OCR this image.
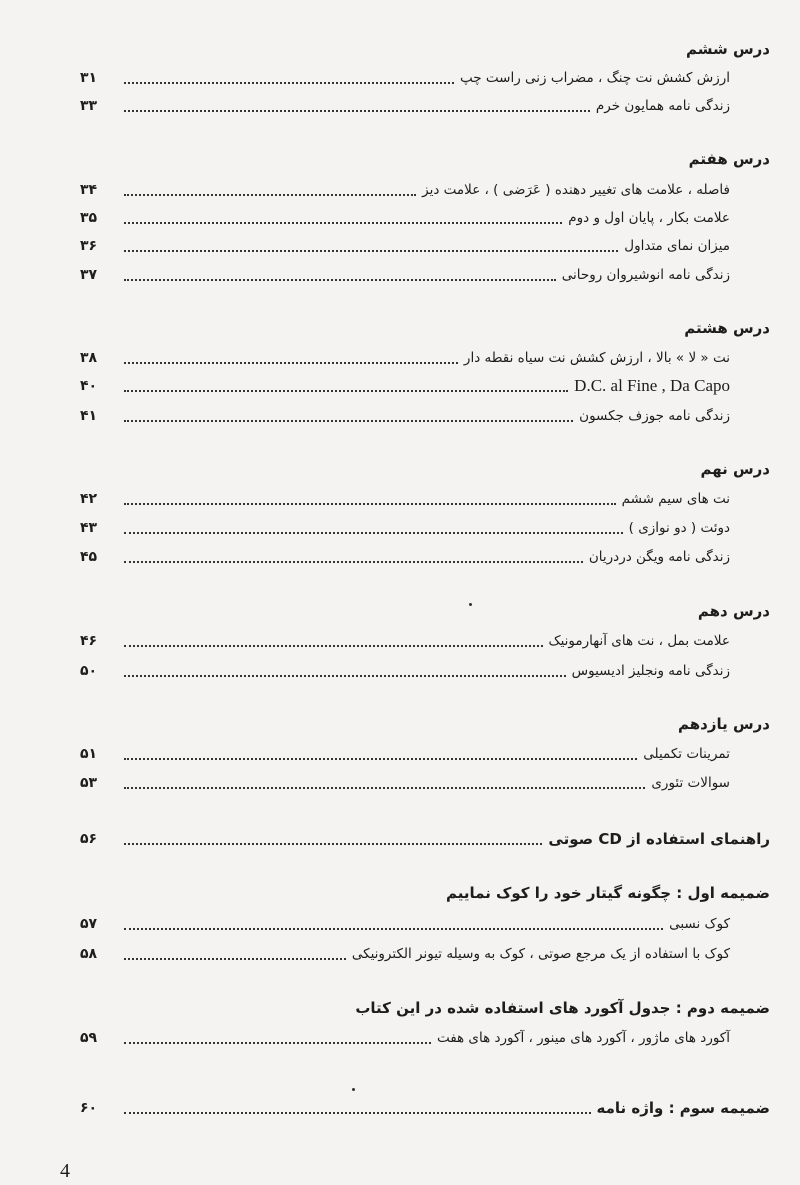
درس ششم
ارزش کشش نت چنگ ، مضراب زنی راست چپ
۳۱
زندگی نامه همایون خرم
۳۳
درس هفتم
فاصله ، علامت های تغییر دهنده ( عَرَضی ) ، علامت دیز
۳۴
علامت بکار ، پایان اول و دوم
۳۵
میزان نمای متداول
۳۶
زندگی نامه انوشیروان روحانی
۳۷
درس هشتم
نت « لا » بالا ، ارزش کشش نت سیاه نقطه دار
۳۸
D.C. al Fine , Da Capo
۴۰
زندگی نامه جوزف جکسون
۴۱
درس نهم
نت های سیم ششم
۴۲
دوئت ( دو نوازی )
۴۳
زندگی نامه ویگن دردریان
۴۵
درس دهم
علامت بمل ، نت های آنهارمونیک
۴۶
زندگی نامه ونجلیز ادیسیوس
۵۰
درس یازدهم
تمرینات تکمیلی
۵۱
سوالات تئوری
۵۳
راهنمای استفاده از CD صوتی
۵۶
ضمیمه اول : چگونه گیتار خود را کوک نماییم
کوک نسبی
۵۷
کوک با استفاده از یک مرجع صوتی ، کوک به وسیله تیونر الکترونیکی
۵۸
ضمیمه دوم : جدول آکورد های استفاده شده در این کتاب
آکورد های ماژور ، آکورد های مینور ، آکورد های هفت
۵۹
ضمیمه سوم : واژه نامه
۶۰
4
